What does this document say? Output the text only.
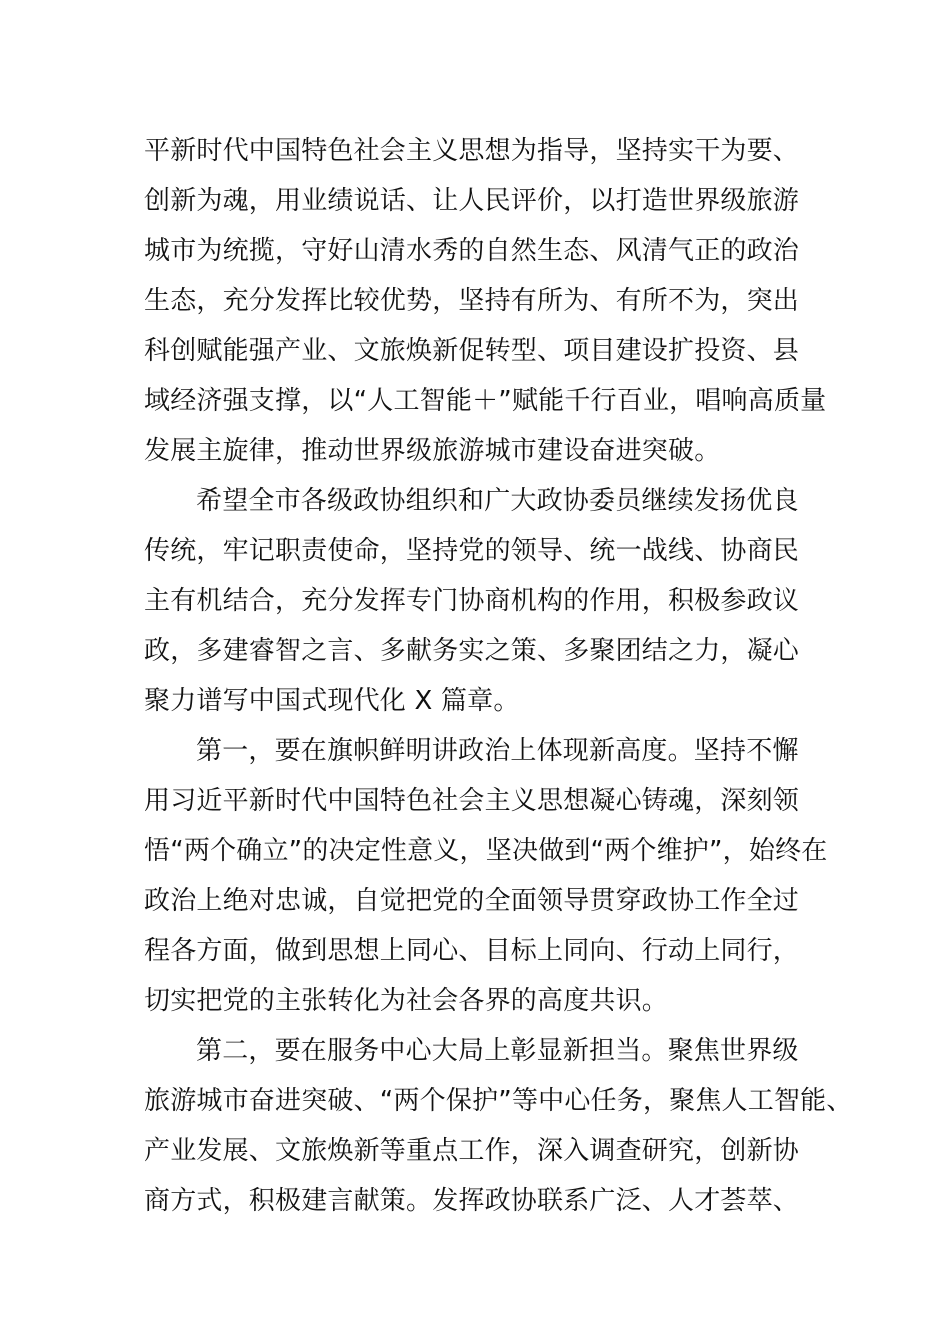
平新时代中国特色社会主义思想为指导，坚持实干为要、
创新为魂，用业绩说话、让人民评价，以打造世界级旅游
城市为统揽，守好山清水秀的自然生态、风清气正的政治
生态，充分发挥比较优势，坚持有所为、有所不为，突出
科创赋能强产业、文旅焕新促转型、项目建设扩投资、县
域经济强支撑，以“人工智能＋”赋能千行百业，唱响高质量
发展主旋律，推动世界级旅游城市建设奋进突破。
希望全市各级政协组织和广大政协委员继续发扬优良
传统，牢记职责使命，坚持党的领导、统一战线、协商民
主有机结合，充分发挥专门协商机构的作用，积极参政议
政，多建睿智之言、多献务实之策、多聚团结之力，凝心
聚力谱写中国式现代化 X 篇章。
第一，要在旗帜鲜明讲政治上体现新高度。坚持不懈
用习近平新时代中国特色社会主义思想凝心铸魂，深刻领
悟“两个确立”的决定性意义，坚决做到“两个维护”，始终在
政治上绝对忠诚，自觉把党的全面领导贯穿政协工作全过
程各方面，做到思想上同心、目标上同向、行动上同行，
切实把党的主张转化为社会各界的高度共识。
第二，要在服务中心大局上彰显新担当。聚焦世界级
旅游城市奋进突破、“两个保护”等中心任务，聚焦人工智能、
产业发展、文旅焕新等重点工作，深入调查研究，创新协
商方式，积极建言献策。发挥政协联系广泛、人才荟萃、
